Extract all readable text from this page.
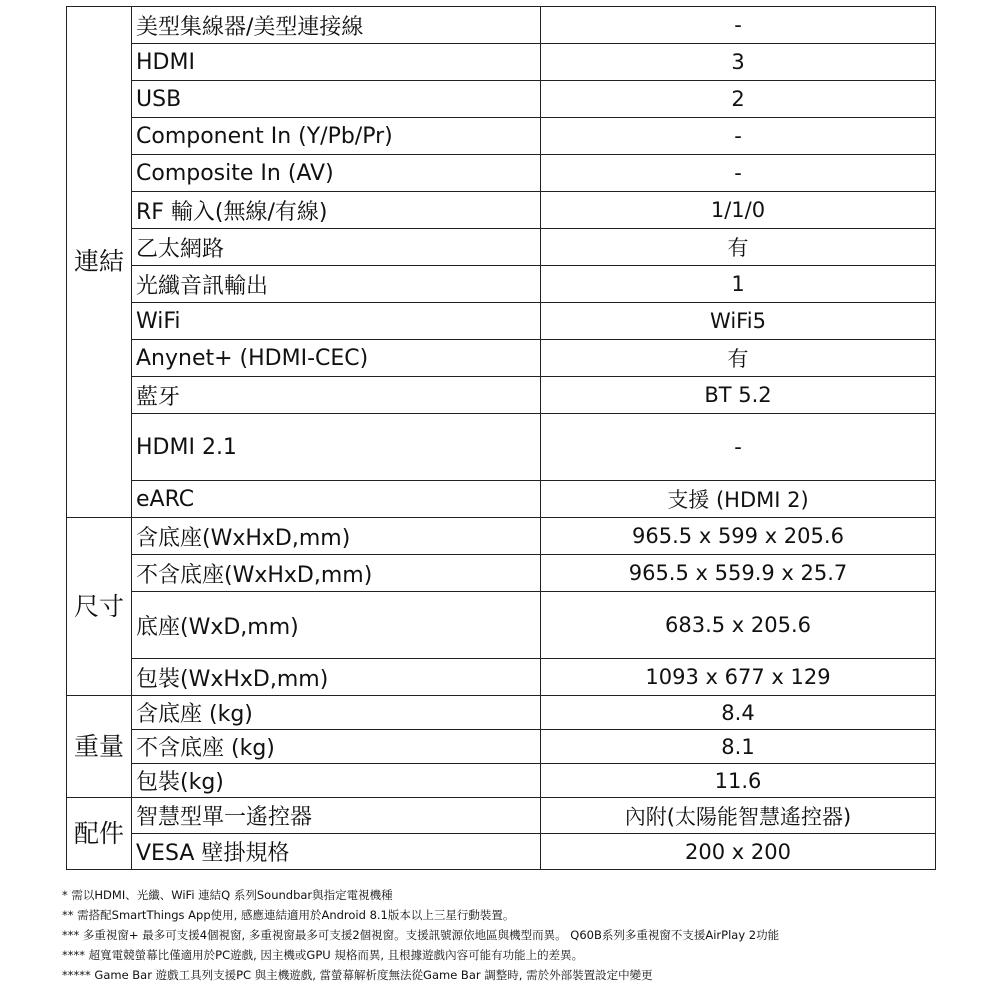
連結	美型集線器/美型連接線	-
	HDMI	3
	USB	2
	Component In (Y/Pb/Pr)	-
	Composite In (AV)	-
	RF 輸入(無線/有線)	1/1/0
	乙太網路	有
	光纖音訊輸出	1
	WiFi	WiFi5
	Anynet+ (HDMI-CEC)	有
	藍牙	BT 5.2
	HDMI 2.1	-
	eARC	支援 (HDMI 2)
尺寸	含底座(WxHxD,mm)	965.5 x 599 x 205.6
	不含底座(WxHxD,mm)	965.5 x 559.9 x 25.7
	底座(WxD,mm)	683.5 x 205.6
	包裝(WxHxD,mm)	1093 x 677 x 129
重量	含底座 (kg)	8.4
	不含底座 (kg)	8.1
	包裝(kg)	11.6
配件	智慧型單一遙控器	內附(太陽能智慧遙控器)
	VESA 壁掛規格	200 x 200
* 需以HDMI、光纖、WiFi 連結Q 系列Soundbar與指定電視機種
** 需搭配SmartThings App使用, 感應連結適用於Android 8.1版本以上三星行動裝置。
*** 多重視窗+ 最多可支援4個視窗, 多重視窗最多可支援2個視窗。支援訊號源依地區與機型而異。 Q60B系列多重視窗不支援AirPlay 2功能
**** 超寬電競螢幕比僅適用於PC遊戲, 因主機或GPU 規格而異, 且根據遊戲內容可能有功能上的差異。
***** Game Bar 遊戲工具列支援PC 與主機遊戲, 當螢幕解析度無法從Game Bar 調整時, 需於外部裝置設定中變更
